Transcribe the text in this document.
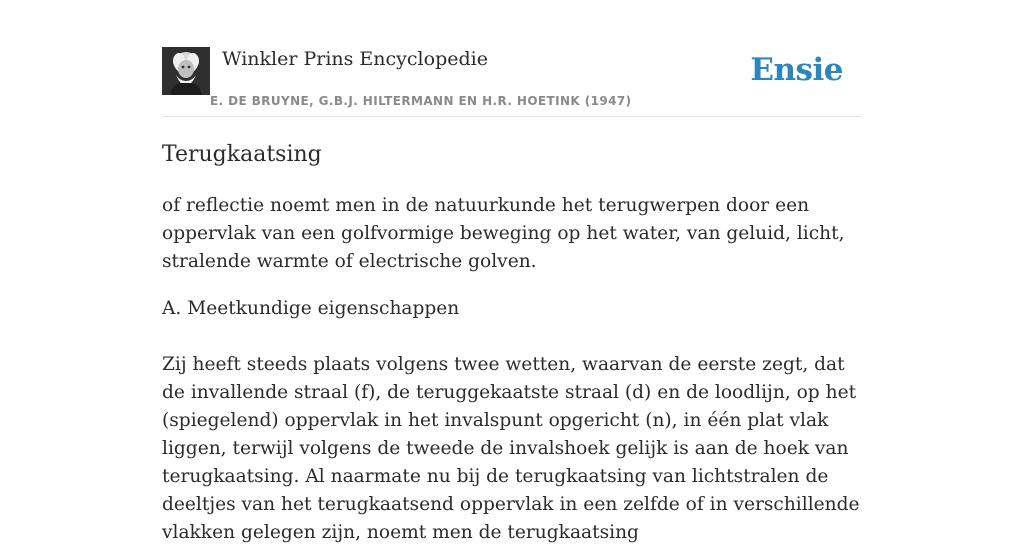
Winkler Prins Encyclopedie
E. DE BRUYNE, G.B.J. HILTERMANN EN H.R. HOETINK (1947)
Ensie
Terugkaatsing

of reflectie noemt men in de natuurkunde het terugwerpen door een oppervlak van een golfvormige beweging op het water, van geluid, licht, stralende warmte of electrische golven.

A. Meetkundige eigenschappen

Zij heeft steeds plaats volgens twee wetten, waarvan de eerste zegt, dat de invallende straal (f), de teruggekaatste straal (d) en de loodlijn, op het (spiegelend) oppervlak in het invalspunt opgericht (n), in één plat vlak liggen, terwijl volgens de tweede de invalshoek gelijk is aan de hoek van terugkaatsing. Al naarmate nu bij de terugkaatsing van lichtstralen de deeltjes van het terugkaatsend oppervlak in een zelfde of in verschillende vlakken gelegen zijn, noemt men de terugkaatsing
